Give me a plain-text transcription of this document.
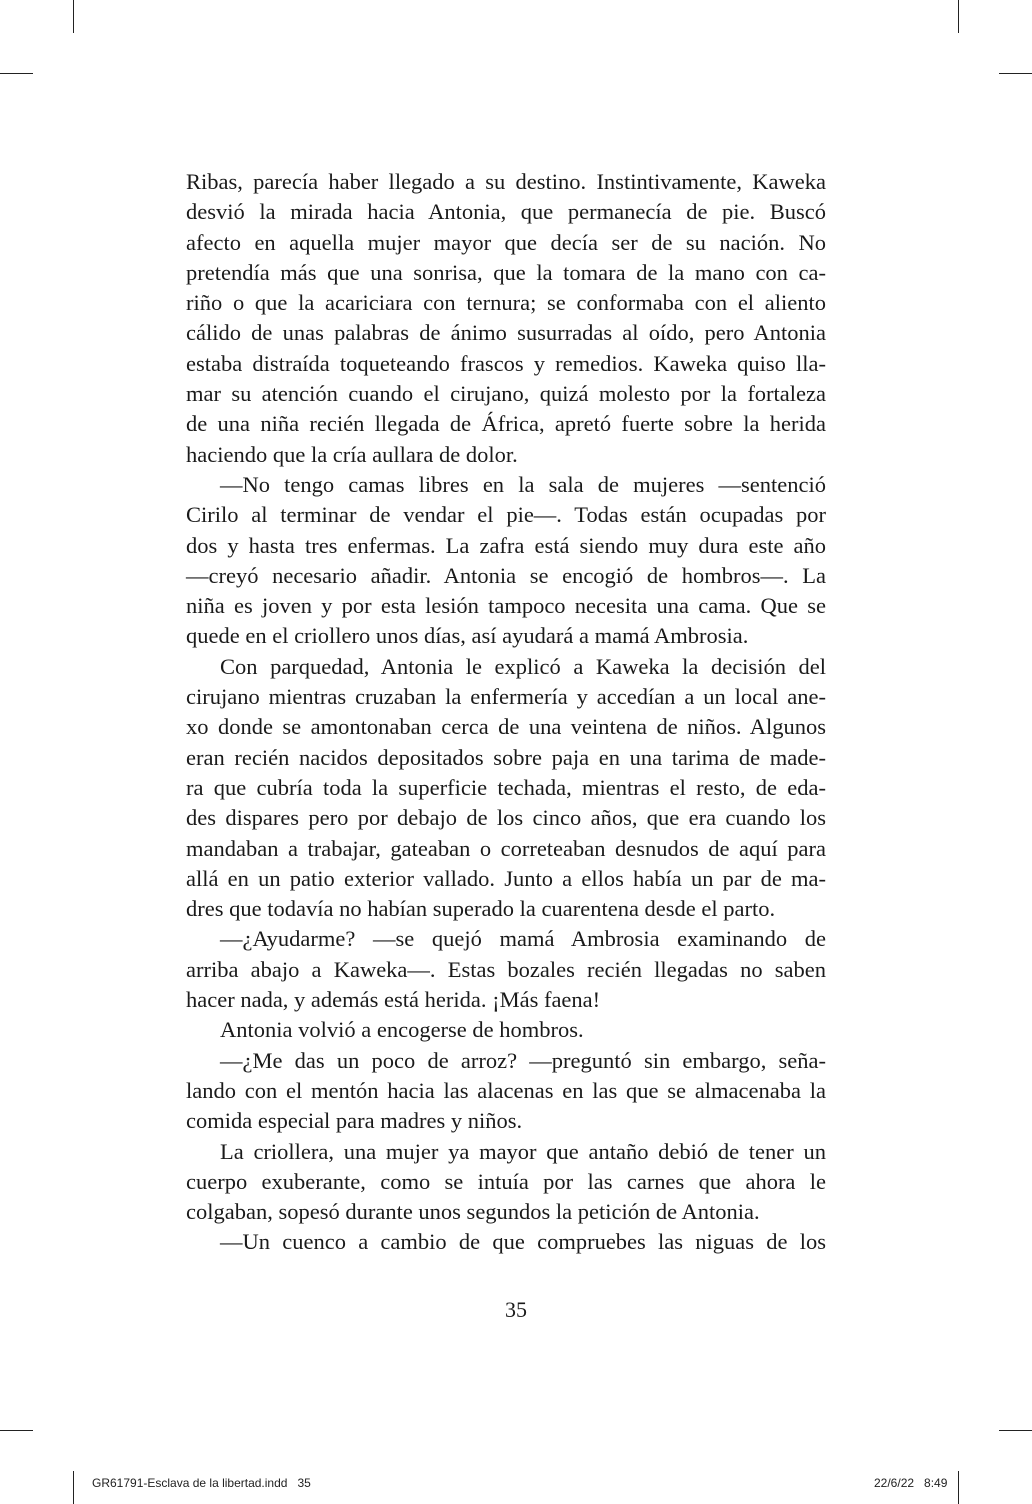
Ribas, parecía haber llegado a su destino. Instintivamente, Kaweka
desvió la mirada hacia Antonia, que permanecía de pie. Buscó
afecto en aquella mujer mayor que decía ser de su nación. No
pretendía más que una sonrisa, que la tomara de la mano con ca-
riño o que la acariciara con ternura; se conformaba con el aliento
cálido de unas palabras de ánimo susurradas al oído, pero Antonia
estaba distraída toqueteando frascos y remedios. Kaweka quiso lla-
mar su atención cuando el cirujano, quizá molesto por la fortaleza
de una niña recién llegada de África, apretó fuerte sobre la herida
haciendo que la cría aullara de dolor.
—No tengo camas libres en la sala de mujeres —sentenció
Cirilo al terminar de vendar el pie—. Todas están ocupadas por
dos y hasta tres enfermas. La zafra está siendo muy dura este año
—creyó necesario añadir. Antonia se encogió de hombros—. La
niña es joven y por esta lesión tampoco necesita una cama. Que se
quede en el criollero unos días, así ayudará a mamá Ambrosia.
Con parquedad, Antonia le explicó a Kaweka la decisión del
cirujano mientras cruzaban la enfermería y accedían a un local ane-
xo donde se amontonaban cerca de una veintena de niños. Algunos
eran recién nacidos depositados sobre paja en una tarima de made-
ra que cubría toda la superficie techada, mientras el resto, de eda-
des dispares pero por debajo de los cinco años, que era cuando los
mandaban a trabajar, gateaban o correteaban desnudos de aquí para
allá en un patio exterior vallado. Junto a ellos había un par de ma-
dres que todavía no habían superado la cuarentena desde el parto.
—¿Ayudarme? —se quejó mamá Ambrosia examinando de
arriba abajo a Kaweka—. Estas bozales recién llegadas no saben
hacer nada, y además está herida. ¡Más faena!
Antonia volvió a encogerse de hombros.
—¿Me das un poco de arroz? —preguntó sin embargo, seña-
lando con el mentón hacia las alacenas en las que se almacenaba la
comida especial para madres y niños.
La criollera, una mujer ya mayor que antaño debió de tener un
cuerpo exuberante, como se intuía por las carnes que ahora le
colgaban, sopesó durante unos segundos la petición de Antonia.
—Un cuenco a cambio de que compruebes las niguas de los
35
GR61791-Esclava de la libertad.indd   35	22/6/22   8:49
